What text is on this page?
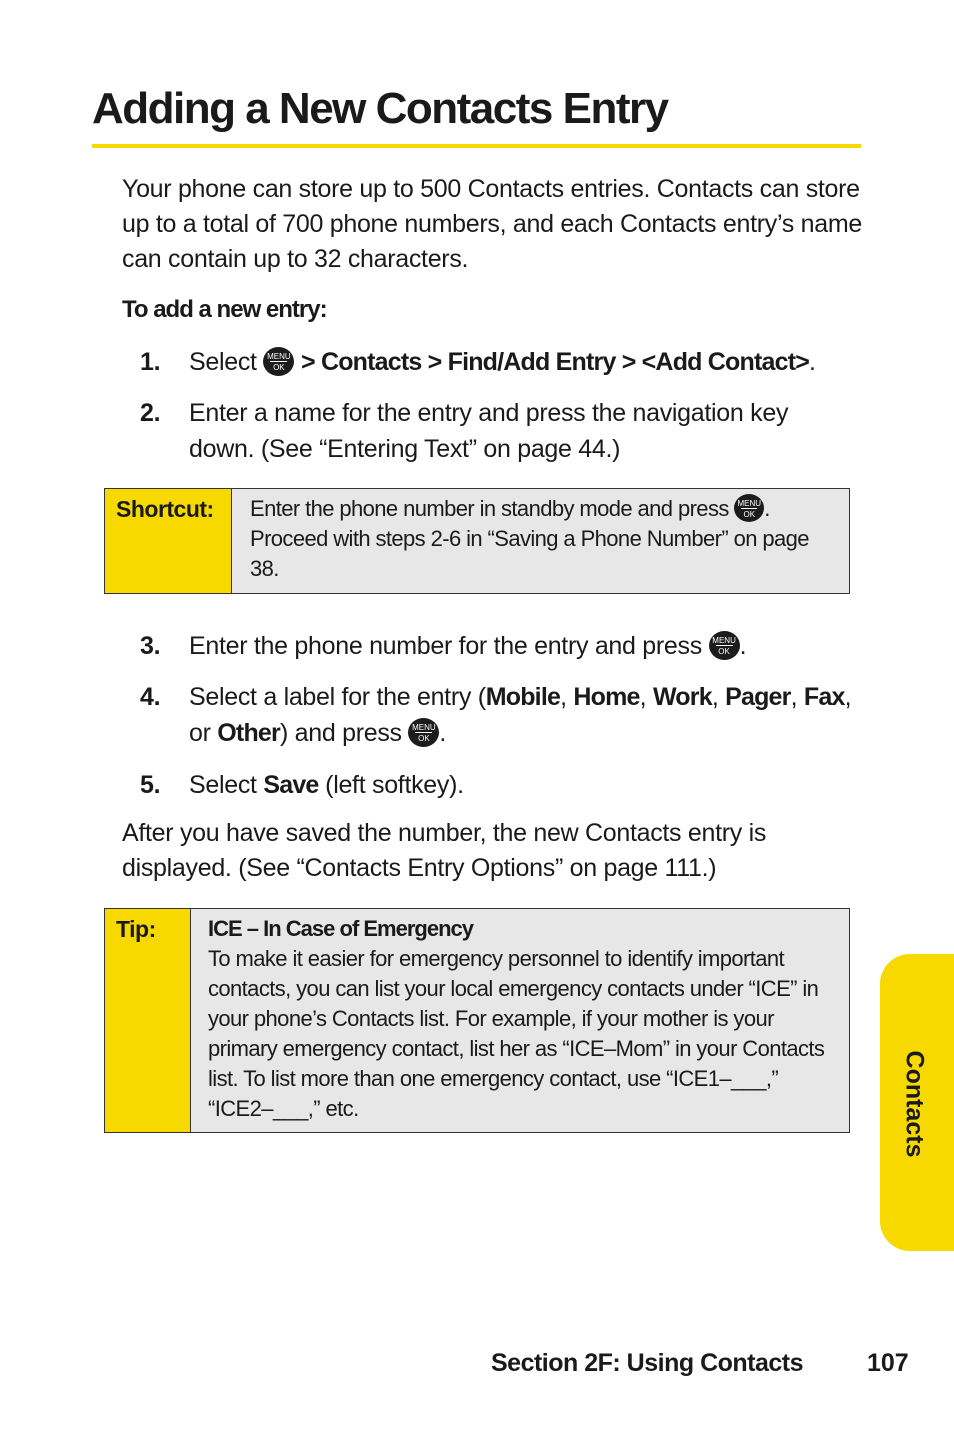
Adding a New Contacts Entry

Your phone can store up to 500 Contacts entries. Contacts can store up to a total of 700 phone numbers, and each Contacts entry’s name can contain up to 32 characters.

To add a new entry:

1. Select	MENU
OK > Contacts > Find/Add Entry > <Add Contact>.
2. Enter a name for the entry and press the navigation key down. (See “Entering Text” on page 44.)
Shortcut: Enter the phone number in standby mode and press	MENU
OK . Proceed with steps 2-6 in “Saving a Phone Number” on page 38.
3. Enter the phone number for the entry and press	MENU
OK .
4. Select a label for the entry (Mobile, Home, Work, Pager, Fax, or Other) and press	MENU
OK .
5. Select Save (left softkey).

After you have saved the number, the new Contacts entry is displayed. (See “Contacts Entry Options” on page 111.)

Tip: ICE – In Case of Emergency
To make it easier for emergency personnel to identify important contacts, you can list your local emergency contacts under “ICE” in your phone’s Contacts list. For example, if your mother is your primary emergency contact, list her as “ICE–Mom” in your Contacts list. To list more than one emergency contact, use “ICE1–___,” “ICE2–___,” etc.	Contacts
Section 2F: Using Contacts	107
